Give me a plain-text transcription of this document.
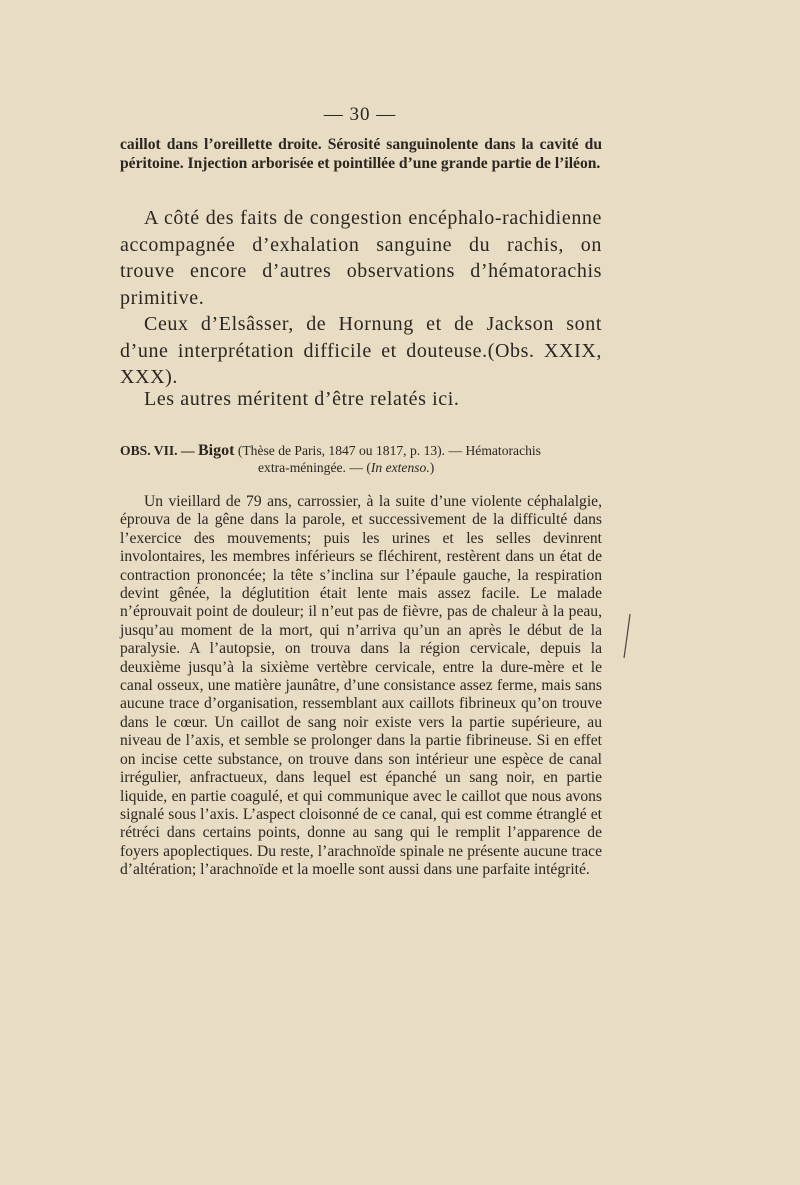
— 30 —
caillot dans l’oreillette droite. Sérosité sanguinolente dans la cavité du péritoine. Injection arborisée et pointillée d’une grande partie de l’iléon.
A côté des faits de congestion encéphalo-rachidienne accompagnée d’exhalation sanguine du rachis, on trouve encore d’autres observations d’hématorachis primitive.
Ceux d’Elsâsser, de Hornung et de Jackson sont d’une interprétation difficile et douteuse.(Obs. XXIX, XXX).
Les autres méritent d’être relatés ici.
OBS. VII. — Bigot (Thèse de Paris, 1847 ou 1817, p. 13). — Hématorachis
extra-méningée. — (In extenso.)
Un vieillard de 79 ans, carrossier, à la suite d’une violente céphalalgie, éprouva de la gêne dans la parole, et successivement de la difficulté dans l’exercice des mouvements; puis les urines et les selles devinrent involontaires, les membres inférieurs se fléchirent, restèrent dans un état de contraction prononcée; la tête s’inclina sur l’épaule gauche, la respiration devint gênée, la déglutition était lente mais assez facile. Le malade n’éprouvait point de douleur; il n’eut pas de fièvre, pas de chaleur à la peau, jusqu’au moment de la mort, qui n’arriva qu’un an après le début de la paralysie. A l’autopsie, on trouva dans la région cervicale, depuis la deuxième jusqu’à la sixième vertèbre cervicale, entre la dure-mère et le canal osseux, une matière jaunâtre, d’une consistance assez ferme, mais sans aucune trace d’organisation, ressemblant aux caillots fibrineux qu’on trouve dans le cœur. Un caillot de sang noir existe vers la partie supérieure, au niveau de l’axis, et semble se prolonger dans la partie fibrineuse. Si en effet on incise cette substance, on trouve dans son intérieur une espèce de canal irrégulier, anfractueux, dans lequel est épanché un sang noir, en partie liquide, en partie coagulé, et qui communique avec le caillot que nous avons signalé sous l’axis. L’aspect cloisonné de ce canal, qui est comme étranglé et rétréci dans certains points, donne au sang qui le remplit l’apparence de foyers apoplectiques. Du reste, l’arachnoïde spinale ne présente aucune trace d’altération; l’arachnoïde et la moelle sont aussi dans une parfaite intégrité.
